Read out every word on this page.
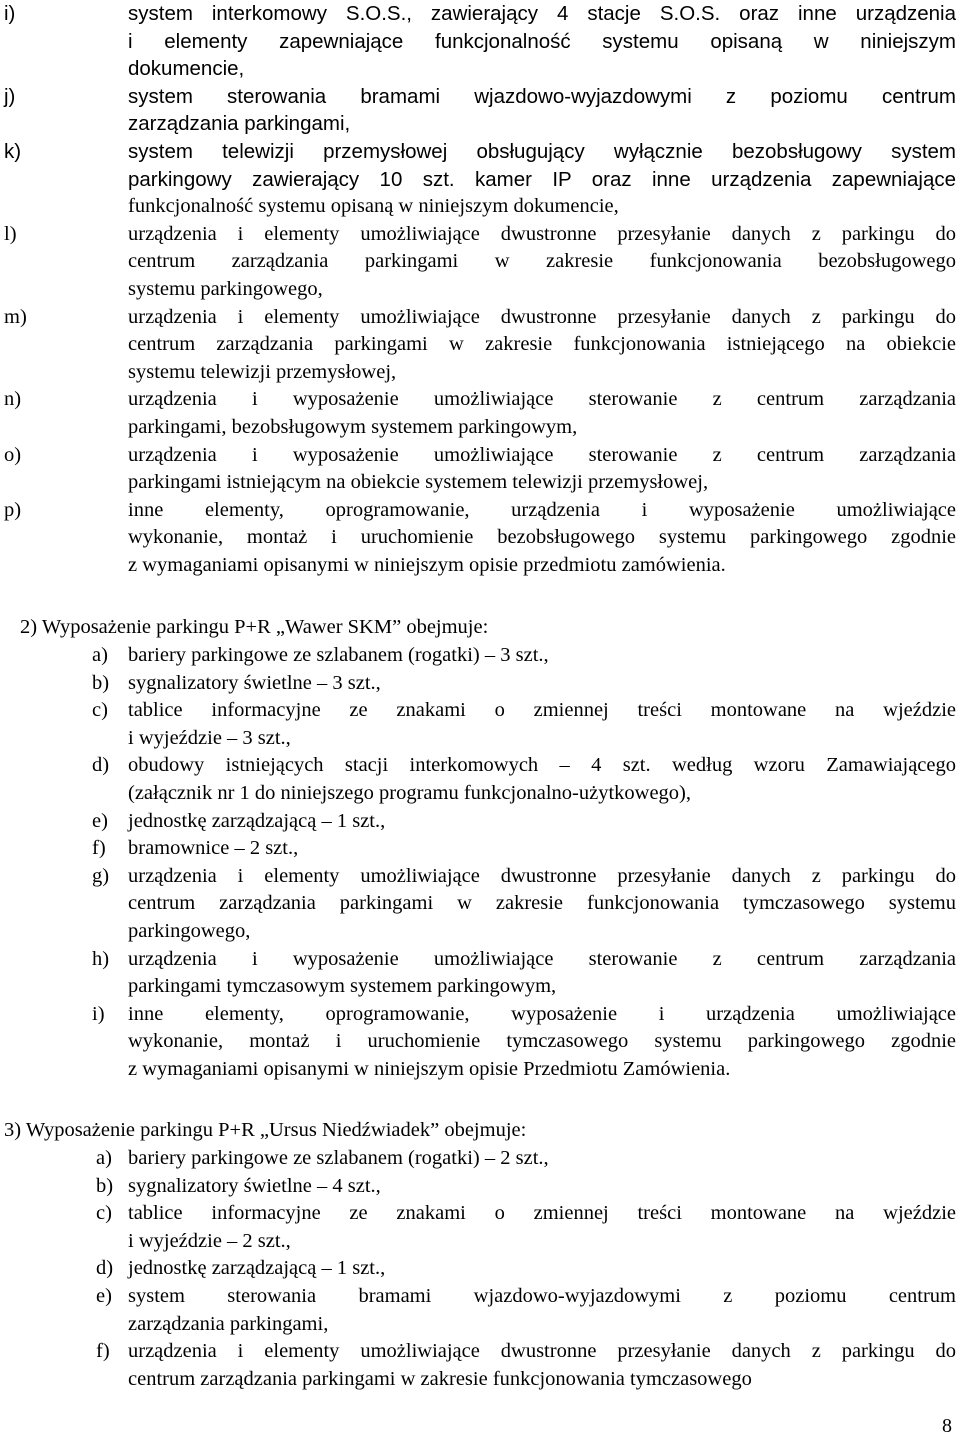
i)	system interkomowy S.O.S., zawierający 4 stacje S.O.S. oraz inne urządzenia
i elementy zapewniające funkcjonalność systemu opisaną w niniejszym
dokumencie,
j)	system sterowania bramami wjazdowo-wyjazdowymi z poziomu centrum
zarządzania parkingami,
k)	system telewizji przemysłowej obsługujący wyłącznie bezobsługowy system
parkingowy zawierający 10 szt. kamer IP oraz inne urządzenia zapewniające
funkcjonalność systemu opisaną w niniejszym dokumencie,
l)	urządzenia i elementy umożliwiające dwustronne przesyłanie danych z parkingu do
centrum zarządzania parkingami w zakresie funkcjonowania bezobsługowego
systemu parkingowego,
m)	urządzenia i elementy umożliwiające dwustronne przesyłanie danych z parkingu do
centrum zarządzania parkingami w zakresie funkcjonowania istniejącego na obiekcie
systemu telewizji przemysłowej,
n)	urządzenia i wyposażenie umożliwiające sterowanie z centrum zarządzania
parkingami, bezobsługowym systemem parkingowym,
o)	urządzenia i wyposażenie umożliwiające sterowanie z centrum zarządzania
parkingami istniejącym na obiekcie systemem telewizji przemysłowej,
p)	inne elementy, oprogramowanie, urządzenia i wyposażenie umożliwiające
wykonanie, montaż i uruchomienie bezobsługowego systemu parkingowego zgodnie
z wymaganiami opisanymi w niniejszym opisie przedmiotu zamówienia.
2) Wyposażenie parkingu P+R „Wawer SKM” obejmuje:
a) bariery parkingowe ze szlabanem (rogatki) – 3 szt.,
b) sygnalizatory świetlne – 3 szt.,
c) tablice informacyjne ze znakami o zmiennej treści montowane na wjeździe
i wyjeździe – 3 szt.,
d) obudowy istniejących stacji interkomowych – 4 szt. według wzoru Zamawiającego
(załącznik nr 1 do niniejszego programu funkcjonalno-użytkowego),
e) jednostkę zarządzającą – 1 szt.,
f) bramownice – 2 szt.,
g) urządzenia i elementy umożliwiające dwustronne przesyłanie danych z parkingu do
centrum zarządzania parkingami w zakresie funkcjonowania tymczasowego systemu
parkingowego,
h) urządzenia i wyposażenie umożliwiające sterowanie z centrum zarządzania
parkingami tymczasowym systemem parkingowym,
i) inne elementy, oprogramowanie, wyposażenie i urządzenia umożliwiające
wykonanie, montaż i uruchomienie tymczasowego systemu parkingowego zgodnie
z wymaganiami opisanymi w niniejszym opisie Przedmiotu Zamówienia.
3) Wyposażenie parkingu P+R „Ursus Niedźwiadek” obejmuje:
a) bariery parkingowe ze szlabanem (rogatki) – 2 szt.,
b) sygnalizatory świetlne – 4 szt.,
c) tablice informacyjne ze znakami o zmiennej treści montowane na wjeździe
i wyjeździe – 2 szt.,
d) jednostkę zarządzającą – 1 szt.,
e) system sterowania bramami wjazdowo-wyjazdowymi z poziomu centrum
zarządzania parkingami,
f) urządzenia i elementy umożliwiające dwustronne przesyłanie danych z parkingu do
centrum zarządzania parkingami w zakresie funkcjonowania tymczasowego
8
